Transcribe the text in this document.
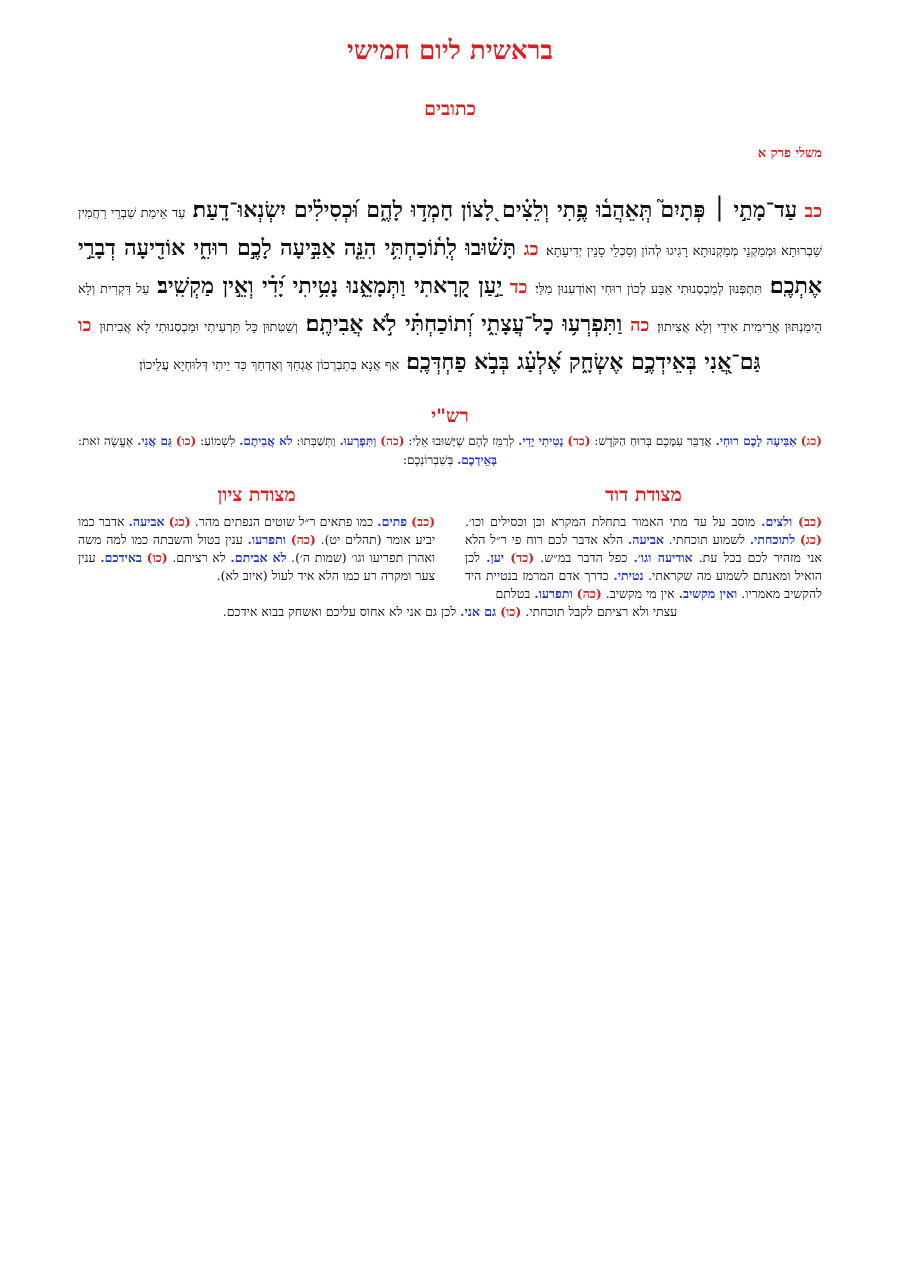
בראשית ליום חמישי
כתובים
משלי פרק א
כב עַד־מָתַ֣י ׀ פְּתָיִם֮ תְּֽאֵהֲב֫וּ פֶ֥תִי וְלֵצִ֗ים לָ֭צוֹן חָמְד֣וּ לָהֶ֑ם וּ֝כְסִילִ֗ים יִשְׂנְאוּ־דָֽעַת׃ עַד אֵימַת שַׁבְרֵי רַחֲמִין שַׁבְרוּתָא וּמְמַקְנֵי מְמַקְנוּתָא רָגִיגוּ לְהוֹן וְסַכְלֵי סָנֵין יְדִיעָתָא׃ כג תָּשׁ֗וּבוּ לְֽת֫וֹכַחְתִּ֥י הִנֵּ֤ה אַבִּ֣יעָה לָכֶ֣ם רוּחִ֑י אוֹדִ֖יעָה דְבָרַ֣י אֶתְכֶֽם׃ תִּתְפְּנוּן לְמַכְסְנוּתִי אַבַּע לְכוֹן רוּחִי וְאוֹדְעִנוּן מִלַּי׃ כד יַ֣עַן קָ֭רָאתִי וַתְּמָאֵ֑נוּ נָטִ֥יתִי יָ֝דִ֗י וְאֵ֣ין מַקְשִֽׁיב׃ עַל דִּקְרִית וְלָא הֵימַנְתּוּן אֲרֵימִית אִידַי וְלָא אֲצִיתוּן׃ כה וַתִּפְרְע֥וּ כָל־עֲצָתִ֑י וְ֝תוֹכַחְתִּ֗י לֹ֣א אֲבִיתֶֽם׃ וְשַׁטִּתוּן כָּל תַּרְעִיתִי וּמַכְסְנוּתִי לָא אֲבִיתוּן כו גַּם־אֲ֭נִי בְּאֵידְכֶ֣ם אֶשְׂחָ֑ק אֶ֝לְעַ֗ג בְּבֹ֣א פַחְדְּכֶֽם׃ אַף אֲנָא בְּתַבְרְכוֹן אֶגְחַךְ וְאֶדְחַךְ כַּד יֵיתִי דְּלוּחְיָא עֲלֵיכוֹן׃
רש"י
(כג) אַבִּיעָה לָכֶם רוּחִי. אֲדַבֵּר עִמָּכֶם בְּרוּחַ הַקֹּדֶשׁ: (כד) נָטִיתִי יָדִי. לְרַמֵּז לָהֶם שֶׁיָּשׁוּבוּ אֵלַי: (כה) וַתִּפְרְעוּ. וַתְּשַׁבְּתוּ: לֹא אֲבִיתֶם. לִשְׁמוֹעַ: (כו) גַּם אֲנִי. אֶעֱשֶׂה זֹאת: בְּאֵידְכֶם. בְּשִׁבְרוֹנְכֶם:
מצודת דוד
(כב) ולצים. מוסב על עד מתי האמור בתחלת המקרא וכן וכסילים וכו׳. (כג) לתוכחתי. לשמוע תוכחתי. אביעה. הלא אדבר לכם רוח פי ר״ל הלא אני מזהיר לכם בכל עת. אודיעה וגו׳. כפל הדבר במ״ש. (כד) יען. לכן הואיל ומאנתם לשמוע מה שקראתי. נטיתי. כדרך אדם המרמז בנטיית היד להקשיב מאמריו. ואין מקשיב. אין מי מקשיב. (כה) ותפרעו. בטלתם
מצודת ציון
(כב) פתים. כמו פתאים ר״ל שוטים הנפתים מהר. (כג) אביעה. אדבר כמו יביע אומר (תהלים יט). (כה) ותפרעו. ענין בטול והשבתה כמו למה משה ואהרן תפריעו וגו׳ (שמות ה׳). לא אביתם. לא רציתם. (כו) באידכם. ענין צער ומקרה רע כמו הלא איד לעול (איוב לא).
עצתי ולא רציתם לקבל תוכחתי. (כו) גם אני. לכן גם אני לא אחוס עליכם ואשחק בבוא אידכם.
